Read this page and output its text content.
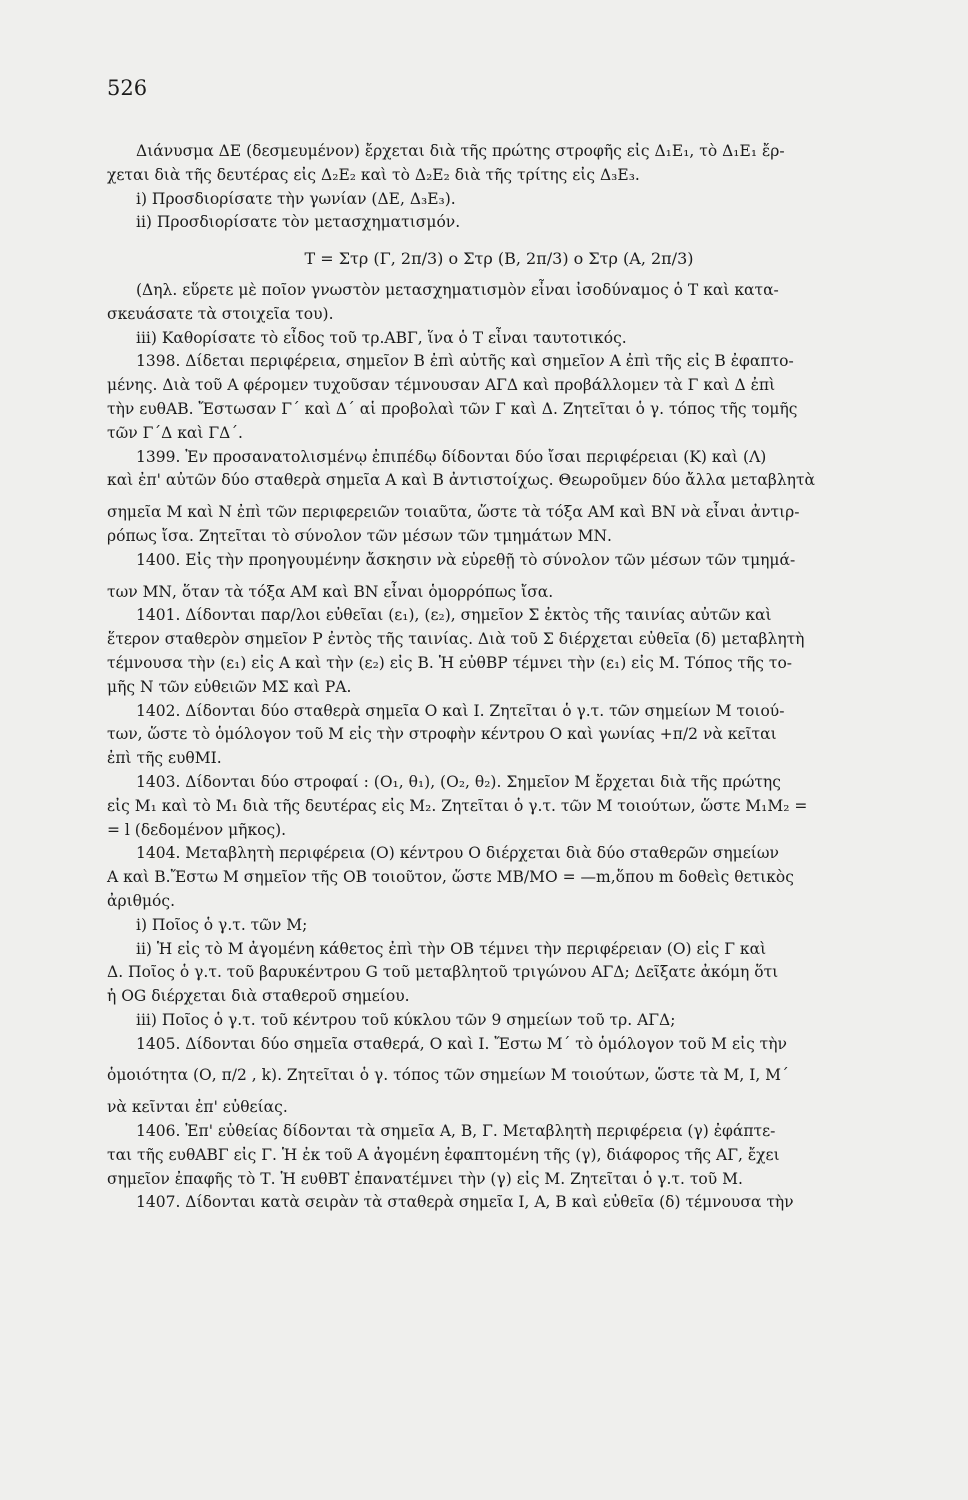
526
Διάνυσμα ΔΕ (δεσμευμένον) ἔρχεται διὰ τῆς πρώτης στροφῆς εἰς Δ₁Ε₁, τὸ Δ₁Ε₁ ἔρ-
χεται διὰ τῆς δευτέρας εἰς Δ₂Ε₂ καὶ τὸ Δ₂Ε₂ διὰ τῆς τρίτης εἰς Δ₃Ε₃.
i) Προσδιορίσατε τὴν γωνίαν (ΔΕ, Δ₃Ε₃).
ii) Προσδιορίσατε τὸν μετασχηματισμόν.
Τ = Στρ (Γ, 2π/3) ο Στρ (Β, 2π/3) ο Στρ (Α, 2π/3)
(Δηλ. εὕρετε μὲ ποῖον γνωστὸν μετασχηματισμὸν εἶναι ἰσοδύναμος ὁ Τ καὶ κατα-
σκευάσατε τὰ στοιχεῖα του).
iii) Καθορίσατε τὸ εἶδος τοῦ τρ.ΑΒΓ, ἵνα ὁ Τ εἶναι ταυτοτικός.
1398. Δίδεται περιφέρεια, σημεῖον Β ἐπὶ αὐτῆς καὶ σημεῖον Α ἐπὶ τῆς εἰς Β ἐφαπτο-
μένης. Διὰ τοῦ Α φέρομεν τυχοῦσαν τέμνουσαν ΑΓΔ καὶ προβάλλομεν τὰ Γ καὶ Δ ἐπὶ
τὴν ευθΑΒ. Ἔστωσαν Γ΄ καὶ Δ΄ αἱ προβολαὶ τῶν Γ καὶ Δ. Ζητεῖται ὁ γ. τόπος τῆς τομῆς
τῶν Γ΄Δ καὶ ΓΔ΄.
1399. Ἐν προσανατολισμένῳ ἐπιπέδῳ δίδονται δύο ἴσαι περιφέρειαι (Κ) καὶ (Λ)
καὶ ἐπ' αὐτῶν δύο σταθερὰ σημεῖα Α καὶ Β ἀντιστοίχως. Θεωροῦμεν δύο ἄλλα μεταβλητὰ
σημεῖα Μ καὶ Ν ἐπὶ τῶν περιφερειῶν τοιαῦτα, ὥστε τὰ τόξα ΑΜ καὶ ΒΝ νὰ εἶναι ἀντιρ-
ρόπως ἴσα. Ζητεῖται τὸ σύνολον τῶν μέσων τῶν τμημάτων ΜΝ.
1400. Εἰς τὴν προηγουμένην ἄσκησιν νὰ εὑρεθῇ τὸ σύνολον τῶν μέσων τῶν τμημά-
των ΜΝ, ὅταν τὰ τόξα ΑΜ καὶ ΒΝ εἶναι ὁμορρόπως ἴσα.
1401. Δίδονται παρ/λοι εὐθεῖαι (ε₁), (ε₂), σημεῖον Σ ἐκτὸς τῆς ταινίας αὐτῶν καὶ
ἕτερον σταθερὸν σημεῖον Ρ ἐντὸς τῆς ταινίας. Διὰ τοῦ Σ διέρχεται εὐθεῖα (δ) μεταβλητὴ
τέμνουσα τὴν (ε₁) εἰς Α καὶ τὴν (ε₂) εἰς Β. Ἡ εὐθΒΡ τέμνει τὴν (ε₁) εἰς Μ. Τόπος τῆς το-
μῆς Ν τῶν εὐθειῶν ΜΣ καὶ ΡΑ.
1402. Δίδονται δύο σταθερὰ σημεῖα Ο καὶ Ι. Ζητεῖται ὁ γ.τ. τῶν σημείων Μ τοιού-
των, ὥστε τὸ ὁμόλογον τοῦ Μ εἰς τὴν στροφὴν κέντρου Ο καὶ γωνίας +π/2 νὰ κεῖται
ἐπὶ τῆς ευθΜΙ.
1403. Δίδονται δύο στροφαί : (Ο₁, θ₁), (Ο₂, θ₂). Σημεῖον Μ ἔρχεται διὰ τῆς πρώτης
εἰς Μ₁ καὶ τὸ Μ₁ διὰ τῆς δευτέρας εἰς Μ₂. Ζητεῖται ὁ γ.τ. τῶν Μ τοιούτων, ὥστε Μ₁Μ₂ =
= l (δεδομένον μῆκος).
1404. Μεταβλητὴ περιφέρεια (Ο) κέντρου Ο διέρχεται διὰ δύο σταθερῶν σημείων
Α καὶ Β.Ἔστω Μ σημεῖον τῆς ΟΒ τοιοῦτον, ὥστε ΜΒ/ΜΟ = —m,ὅπου m δοθεὶς θετικὸς
ἀριθμός.
i) Ποῖος ὁ γ.τ. τῶν Μ;
ii) Ἡ εἰς τὸ Μ ἀγομένη κάθετος ἐπὶ τὴν ΟΒ τέμνει τὴν περιφέρειαν (Ο) εἰς Γ καὶ
Δ. Ποῖος ὁ γ.τ. τοῦ βαρυκέντρου G τοῦ μεταβλητοῦ τριγώνου ΑΓΔ; Δεῖξατε ἀκόμη ὅτι
ἡ OG διέρχεται διὰ σταθεροῦ σημείου.
iii) Ποῖος ὁ γ.τ. τοῦ κέντρου τοῦ κύκλου τῶν 9 σημείων τοῦ τρ. ΑΓΔ;
1405. Δίδονται δύο σημεῖα σταθερά, Ο καὶ Ι. Ἔστω Μ΄ τὸ ὁμόλογον τοῦ Μ εἰς τὴν
ὁμοιότητα (Ο, π/2 , k). Ζητεῖται ὁ γ. τόπος τῶν σημείων Μ τοιούτων, ὥστε τὰ Μ, Ι, Μ΄
νὰ κεῖνται ἐπ' εὐθείας.
1406. Ἐπ' εὐθείας δίδονται τὰ σημεῖα Α, Β, Γ. Μεταβλητὴ περιφέρεια (γ) ἐφάπτε-
ται τῆς ευθΑΒΓ εἰς Γ. Ἡ ἐκ τοῦ Α ἀγομένη ἐφαπτομένη τῆς (γ), διάφορος τῆς ΑΓ, ἔχει
σημεῖον ἐπαφῆς τὸ Τ. Ἡ ευθΒΤ ἐπανατέμνει τὴν (γ) εἰς Μ. Ζητεῖται ὁ γ.τ. τοῦ Μ.
1407. Δίδονται κατὰ σειρὰν τὰ σταθερὰ σημεῖα Ι, Α, Β καὶ εὐθεῖα (δ) τέμνουσα τὴν
